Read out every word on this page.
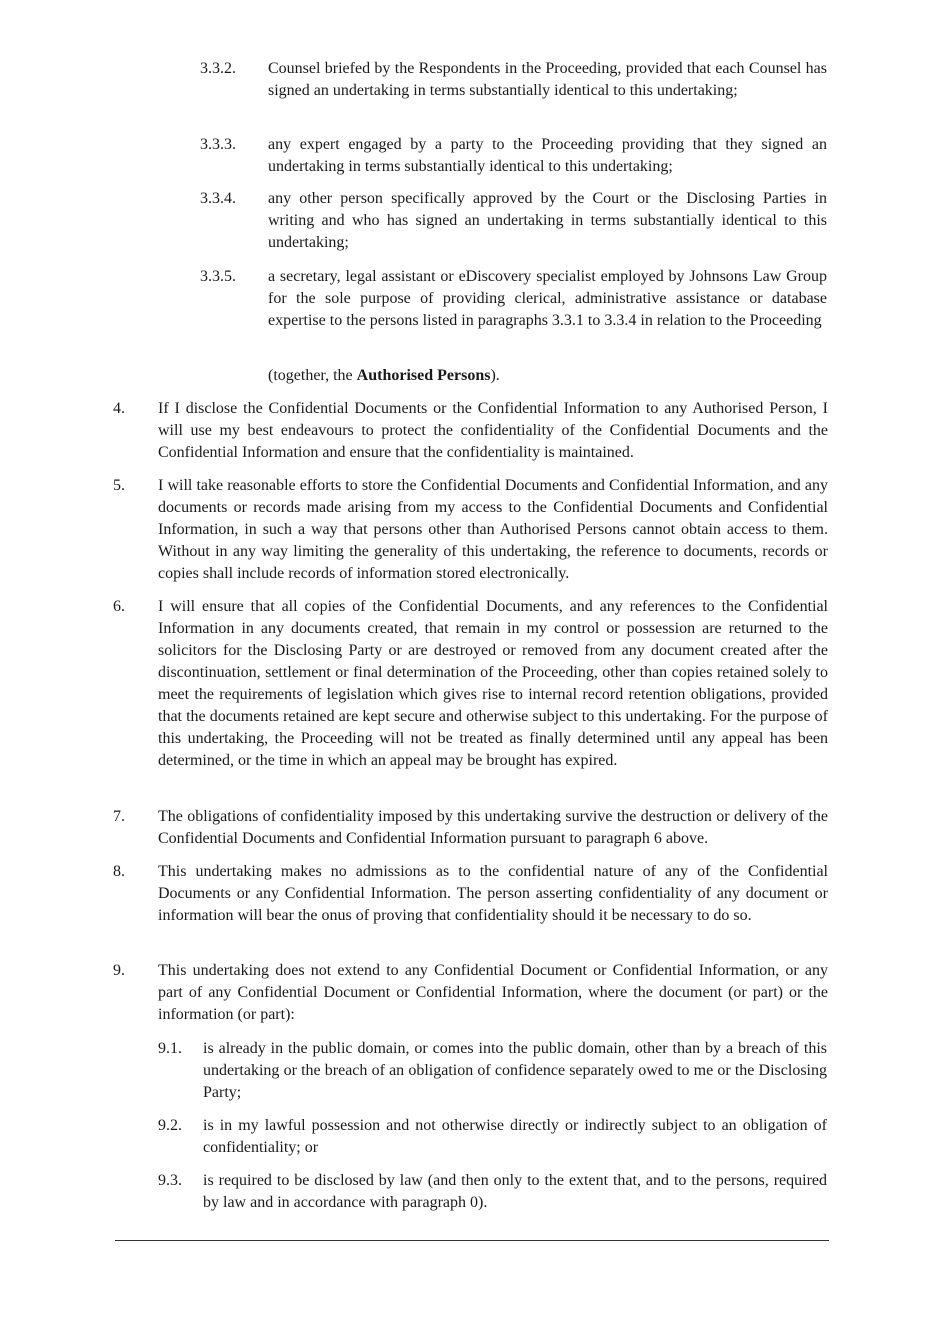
3.3.2. Counsel briefed by the Respondents in the Proceeding, provided that each Counsel has signed an undertaking in terms substantially identical to this undertaking;

3.3.3. any expert engaged by a party to the Proceeding providing that they signed an undertaking in terms substantially identical to this undertaking;

3.3.4. any other person specifically approved by the Court or the Disclosing Parties in writing and who has signed an undertaking in terms substantially identical to this undertaking;

3.3.5. a secretary, legal assistant or eDiscovery specialist employed by Johnsons Law Group for the sole purpose of providing clerical, administrative assistance or database expertise to the persons listed in paragraphs 3.3.1 to 3.3.4 in relation to the Proceeding

(together, the Authorised Persons).

4. If I disclose the Confidential Documents or the Confidential Information to any Authorised Person, I will use my best endeavours to protect the confidentiality of the Confidential Documents and the Confidential Information and ensure that the confidentiality is maintained.

5. I will take reasonable efforts to store the Confidential Documents and Confidential Information, and any documents or records made arising from my access to the Confidential Documents and Confidential Information, in such a way that persons other than Authorised Persons cannot obtain access to them. Without in any way limiting the generality of this undertaking, the reference to documents, records or copies shall include records of information stored electronically.

6. I will ensure that all copies of the Confidential Documents, and any references to the Confidential Information in any documents created, that remain in my control or possession are returned to the solicitors for the Disclosing Party or are destroyed or removed from any document created after the discontinuation, settlement or final determination of the Proceeding, other than copies retained solely to meet the requirements of legislation which gives rise to internal record retention obligations, provided that the documents retained are kept secure and otherwise subject to this undertaking. For the purpose of this undertaking, the Proceeding will not be treated as finally determined until any appeal has been determined, or the time in which an appeal may be brought has expired.

7. The obligations of confidentiality imposed by this undertaking survive the destruction or delivery of the Confidential Documents and Confidential Information pursuant to paragraph 6 above.

8. This undertaking makes no admissions as to the confidential nature of any of the Confidential Documents or any Confidential Information. The person asserting confidentiality of any document or information will bear the onus of proving that confidentiality should it be necessary to do so.

9. This undertaking does not extend to any Confidential Document or Confidential Information, or any part of any Confidential Document or Confidential Information, where the document (or part) or the information (or part):

9.1. is already in the public domain, or comes into the public domain, other than by a breach of this undertaking or the breach of an obligation of confidence separately owed to me or the Disclosing Party;

9.2. is in my lawful possession and not otherwise directly or indirectly subject to an obligation of confidentiality; or

9.3. is required to be disclosed by law (and then only to the extent that, and to the persons, required by law and in accordance with paragraph 0).
